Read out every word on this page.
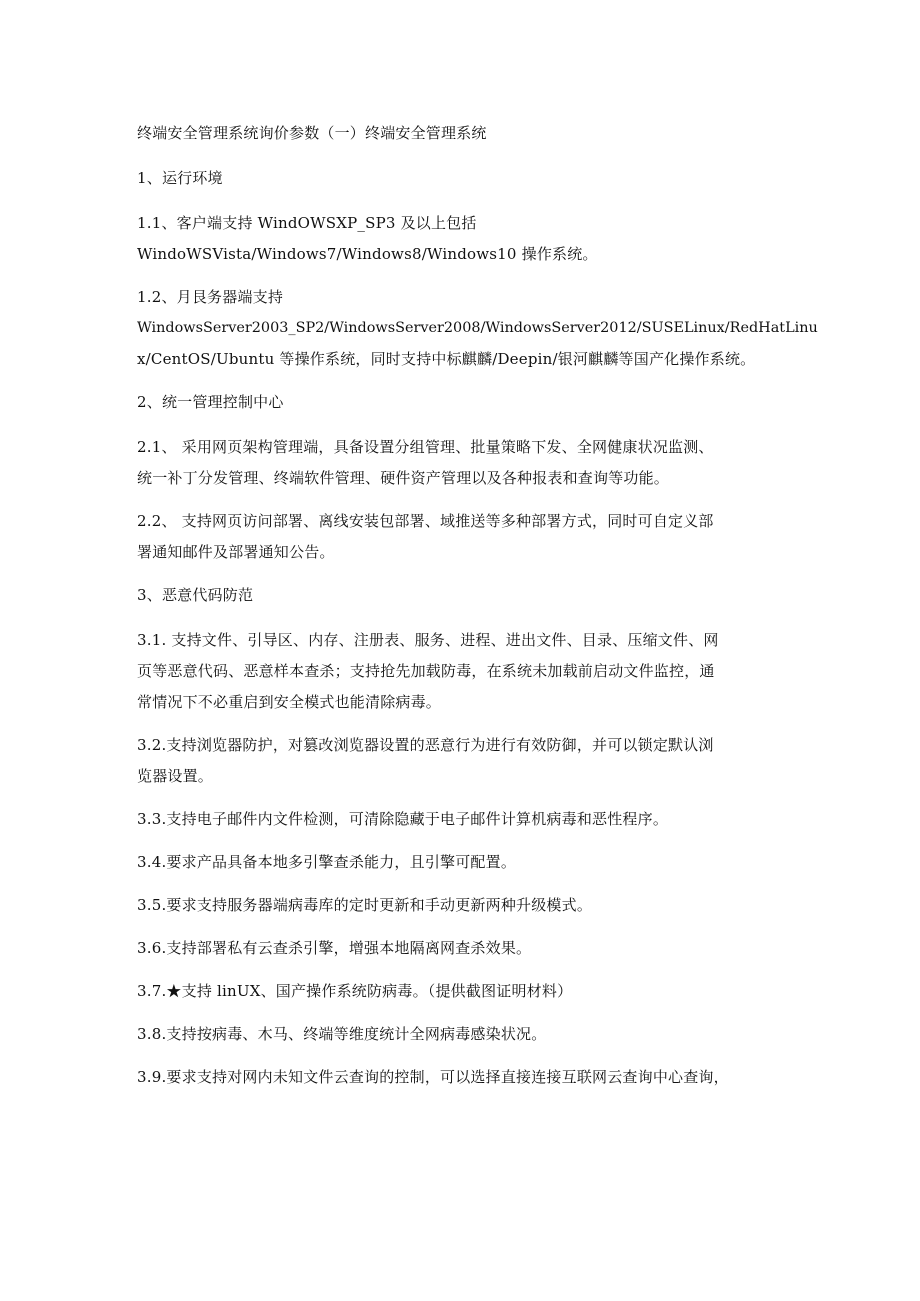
终端安全管理系统询价参数（一）终端安全管理系统

1、运行环境

1.1、客户端支持 WindOWSXP_SP3 及以上包括
WindoWSVista/Windows7/Windows8/Windows10 操作系统。

1.2、月艮务器端支持
WindowsServer2003_SP2/WindowsServer2008/WindowsServer2012/SUSELinux/RedHatLinu
x/CentOS/Ubuntu 等操作系统，同时支持中标麒麟/Deepin/银河麒麟等国产化操作系统。

2、统一管理控制中心

2.1、 采用网页架构管理端，具备设置分组管理、批量策略下发、全网健康状况监测、
统一补丁分发管理、终端软件管理、硬件资产管理以及各种报表和查询等功能。

2.2、 支持网页访问部署、离线安装包部署、域推送等多种部署方式，同时可自定义部
署通知邮件及部署通知公告。

3、恶意代码防范

3.1. 支持文件、引导区、内存、注册表、服务、进程、进出文件、目录、压缩文件、网
页等恶意代码、恶意样本查杀；支持抢先加载防毒，在系统未加载前启动文件监控，通
常情况下不必重启到安全模式也能清除病毒。

3.2.支持浏览器防护，对篡改浏览器设置的恶意行为进行有效防御，并可以锁定默认浏
览器设置。

3.3.支持电子邮件内文件检测，可清除隐藏于电子邮件计算机病毒和恶性程序。

3.4.要求产品具备本地多引擎查杀能力，且引擎可配置。

3.5.要求支持服务器端病毒库的定时更新和手动更新两种升级模式。

3.6.支持部署私有云查杀引擎，增强本地隔离网查杀效果。

3.7.★支持 linUX、国产操作系统防病毒。（提供截图证明材料）

3.8.支持按病毒、木马、终端等维度统计全网病毒感染状况。

3.9.要求支持对网内未知文件云查询的控制，可以选择直接连接互联网云查询中心查询，
